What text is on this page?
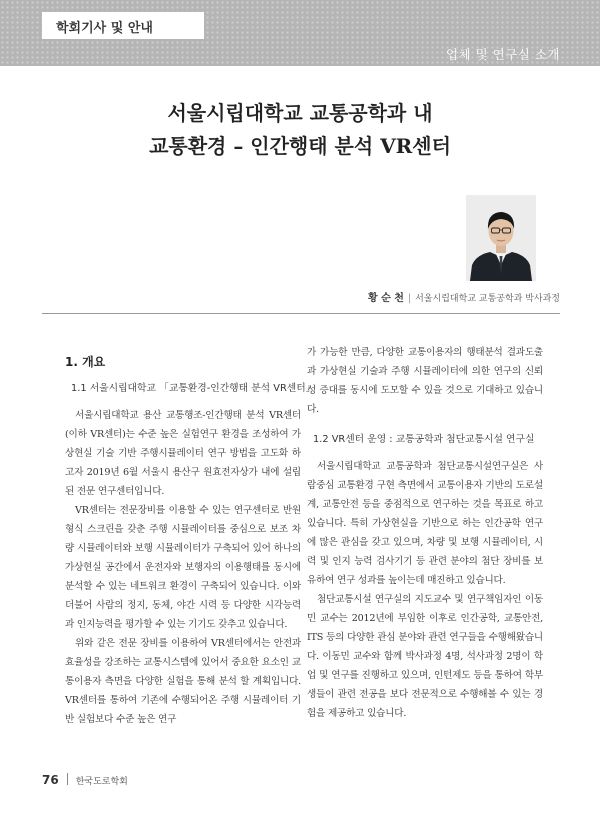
학회기사 및 안내
업체 및 연구실 소개
서울시립대학교 교통공학과 내
교통환경 – 인간행태 분석 VR센터
황 순 천 | 서울시립대학교 교통공학과 박사과정
1. 개요
1.1 서울시립대학교 「교통환경-인간행태 분석 VR센터」

서울시립대학교 용산 교통행조-인간행태 분석 VR센터(이하 VR센터)는 수준 높은 실험연구 환경을 조성하여 가상현실 기술 기반 주행시뮬레이터 연구 방법을 고도화 하고자 2019년 6월 서울시 용산구 원효전자상가 내에 설립된 전문 연구센터입니다.

VR센터는 전문장비를 이용할 수 있는 연구센터로 반원형식 스크린을 갖춘 주행 시뮬레이터를 중심으로 보조 차량 시뮬레이터와 보행 시뮬레이터가 구축되어 있어 하나의 가상현실 공간에서 운전자와 보행자의 이용행태를 동시에 분석할 수 있는 네트워크 환경이 구축되어 있습니다. 이와 더불어 사람의 정지, 동체, 야간 시력 등 다양한 시각능력과 인지능력을 평가할 수 있는 기기도 갖추고 있습니다.

위와 같은 전문 장비를 이용하여 VR센터에서는 안전과 효율성을 강조하는 교통시스템에 있어서 중요한 요소인 교통이용자 측면을 다양한 실험을 통해 분석 할 계획입니다. VR센터를 통하여 기존에 수행되어온 주행 시뮬레이터 기반 실험보다 수준 높은 연구

가 가능한 만큼, 다양한 교통이용자의 행태분석 결과도출과 가상현실 기술과 주행 시뮬레이터에 의한 연구의 신뢰성 증대를 동시에 도모할 수 있을 것으로 기대하고 있습니다.

1.2 VR센터 운영 : 교통공학과 첨단교통시설 연구실

서울시립대학교 교통공학과 첨단교통시설연구실은 사람중심 교통환경 구현 측면에서 교통이용자 기반의 도로설계, 교통안전 등을 중점적으로 연구하는 것을 목표로 하고 있습니다. 특히 가상현실을 기반으로 하는 인간공학 연구에 많은 관심을 갖고 있으며, 차량 및 보행 시뮬레이터, 시력 및 인지 능력 검사기기 등 관련 분야의 첨단 장비를 보유하여 연구 성과를 높이는데 매진하고 있습니다.

첨단교통시설 연구실의 지도교수 및 연구책임자인 이동민 교수는 2012년에 부임한 이후로 인간공학, 교통안전, ITS 등의 다양한 관심 분야와 관련 연구들을 수행해왔습니다. 이동민 교수와 함께 박사과정 4명, 석사과정 2명이 학업 및 연구를 진행하고 있으며, 인턴제도 등을 통하여 학부생들이 관련 전공을 보다 전문적으로 수행해볼 수 있는 경험을 제공하고 있습니다.

76 한국도로학회
